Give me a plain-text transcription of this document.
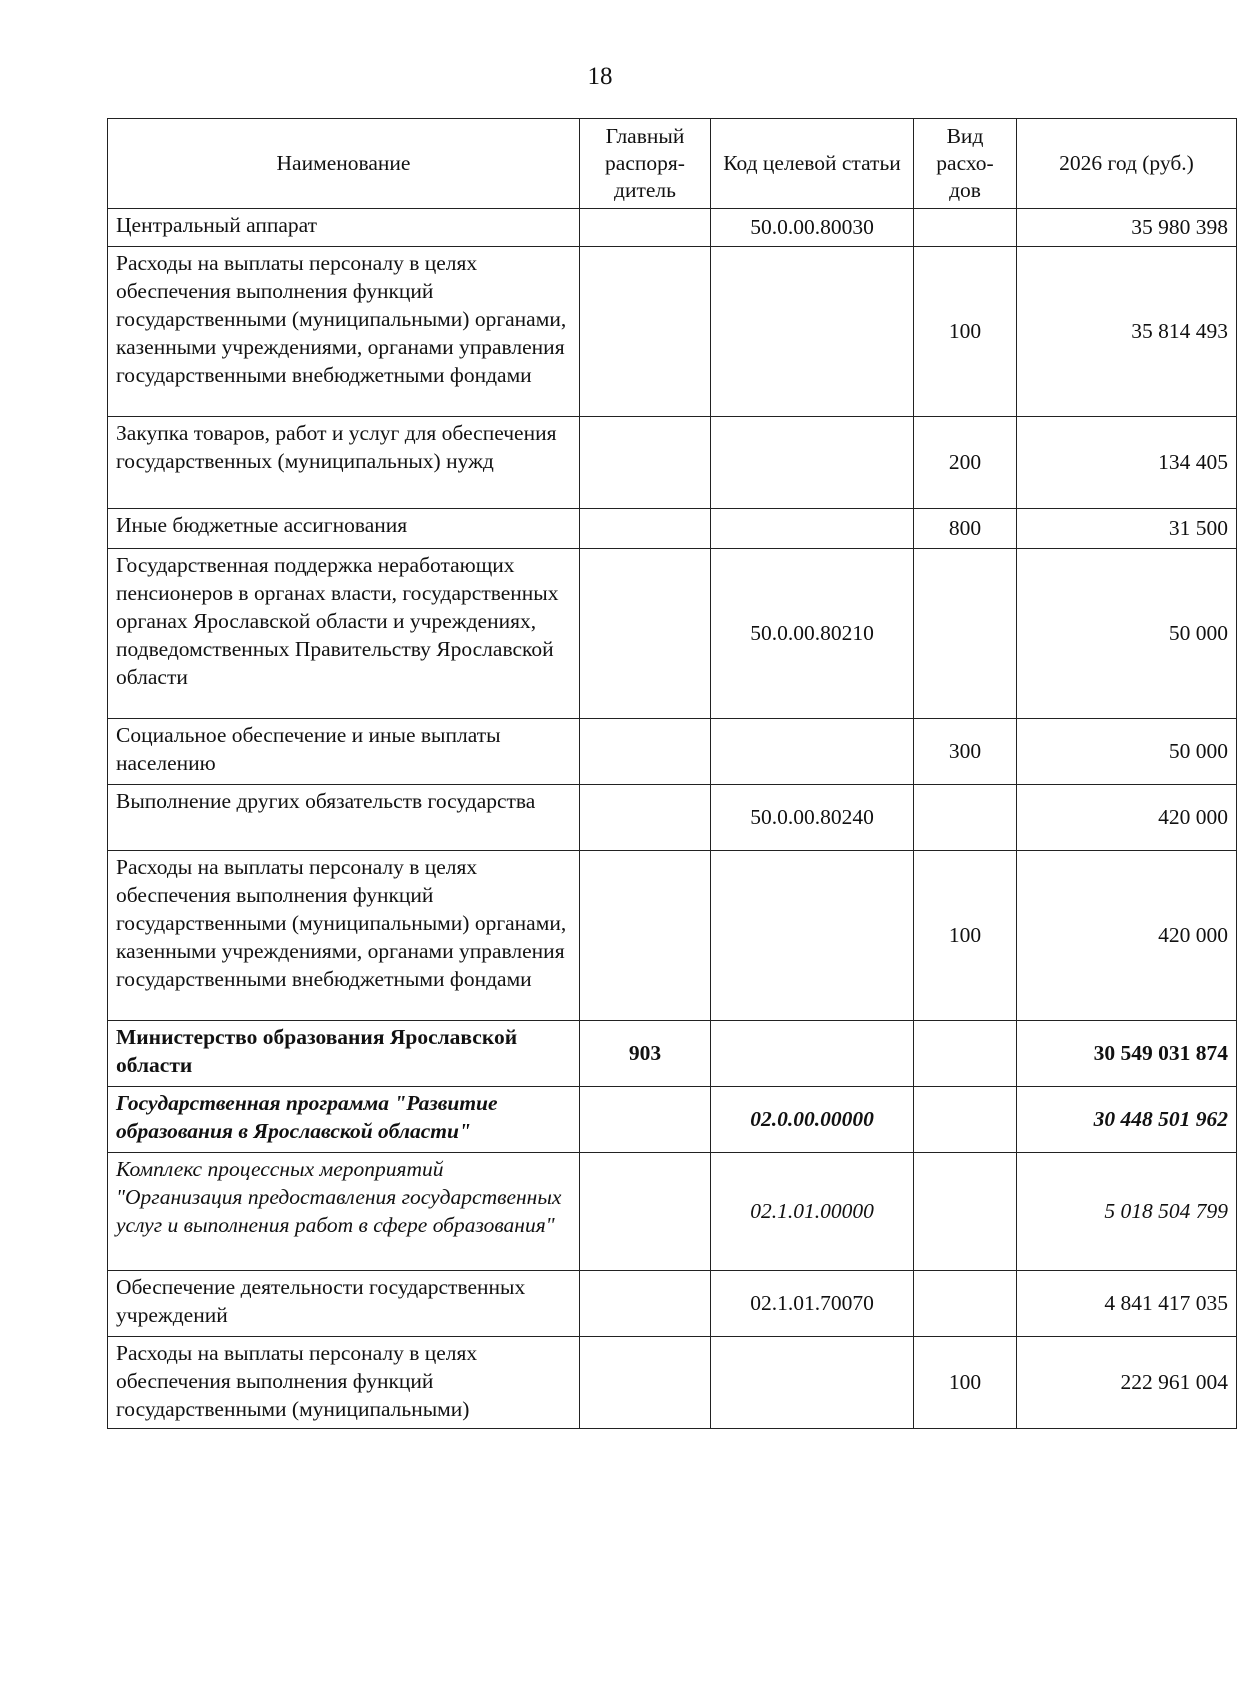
18
Наименование	Главный распоря-дитель	Код целевой статьи	Вид расхо-дов	2026 год (руб.)
Центральный аппарат		50.0.00.80030		35 980 398
Расходы на выплаты персоналу в целях обеспечения выполнения функций государственными (муниципальными) органами, казенными учреждениями, органами управления государственными внебюджетными фондами			100	35 814 493
Закупка товаров, работ и услуг для обеспечения государственных (муниципальных) нужд			200	134 405
Иные бюджетные ассигнования			800	31 500
Государственная поддержка неработающих пенсионеров в органах власти, государственных органах Ярославской области и учреждениях, подведомственных Правительству Ярославской области		50.0.00.80210		50 000
Социальное обеспечение и иные выплаты населению			300	50 000
Выполнение других обязательств государства		50.0.00.80240		420 000
Расходы на выплаты персоналу в целях обеспечения выполнения функций государственными (муниципальными) органами, казенными учреждениями, органами управления государственными внебюджетными фондами			100	420 000
Министерство образования Ярославской области	903			30 549 031 874
Государственная программа "Развитие образования в Ярославской области"		02.0.00.00000		30 448 501 962
Комплекс процессных мероприятий "Организация предоставления государственных услуг и выполнения работ в сфере образования"		02.1.01.00000		5 018 504 799
Обеспечение деятельности государственных учреждений		02.1.01.70070		4 841 417 035
Расходы на выплаты персоналу в целях обеспечения выполнения функций государственными (муниципальными)			100	222 961 004
